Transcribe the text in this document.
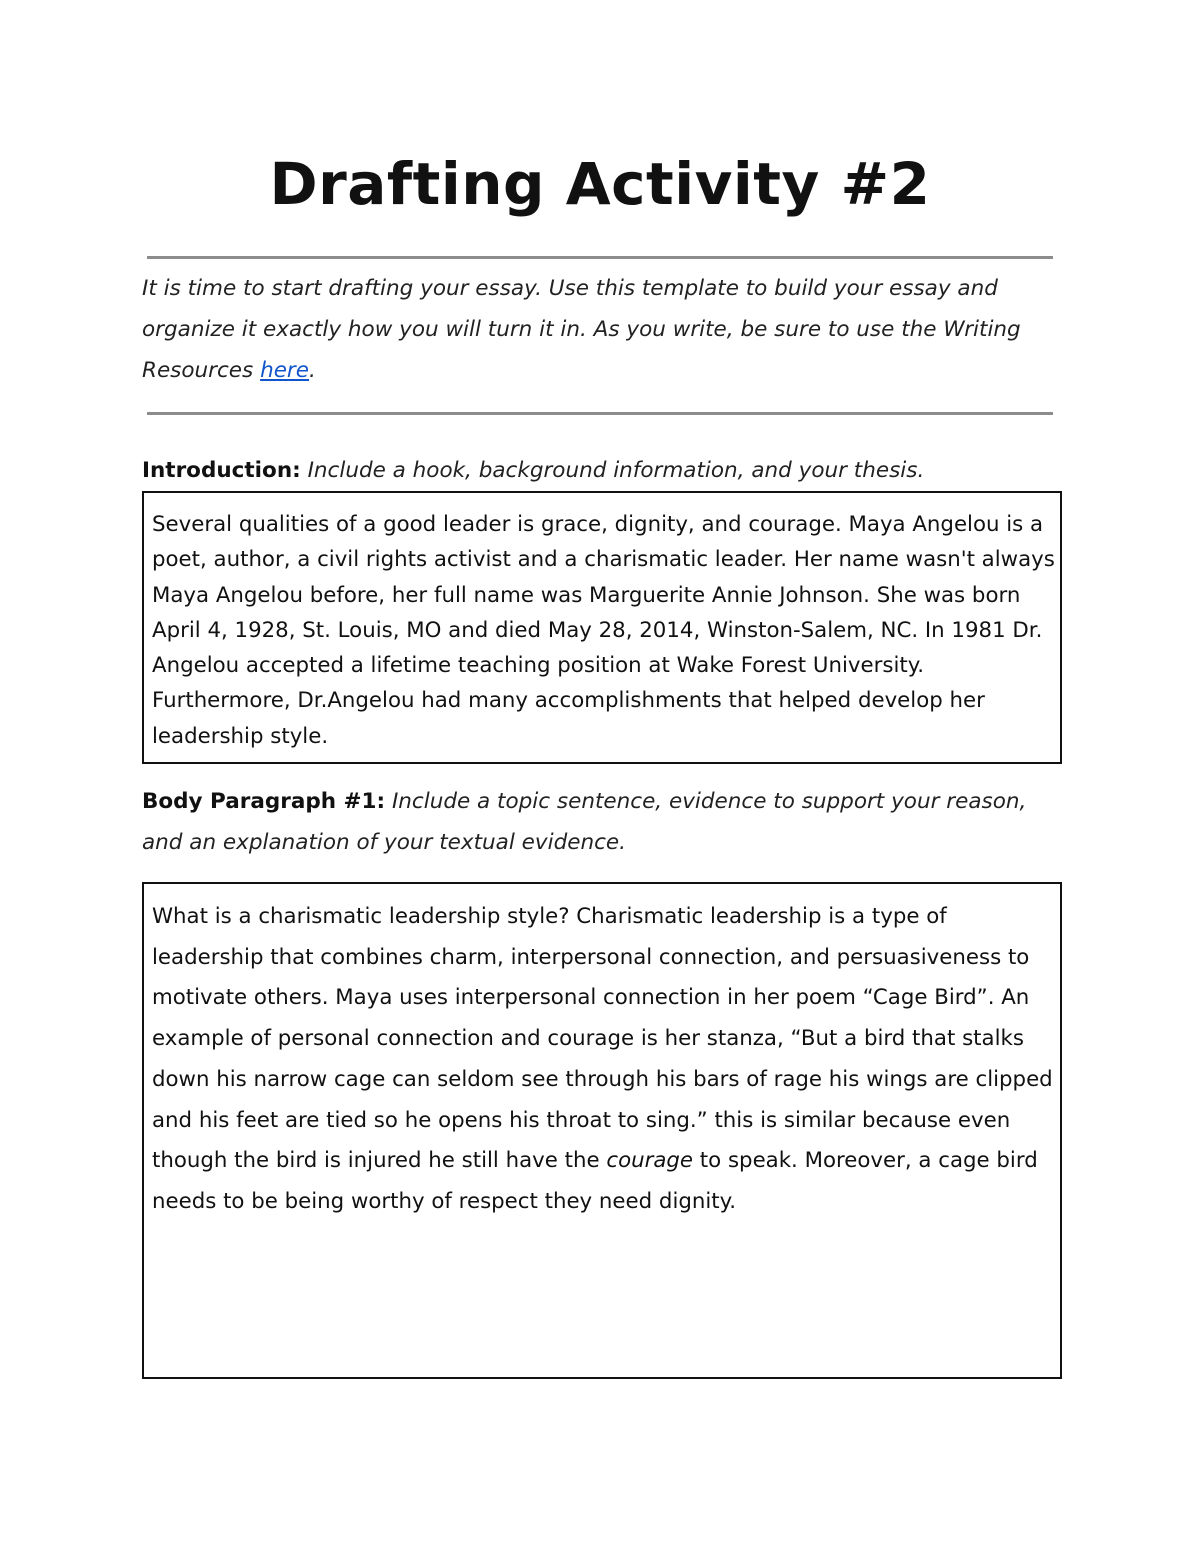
Drafting Activity #2

It is time to start drafting your essay. Use this template to build your essay and organize it exactly how you will turn it in. As you write, be sure to use the Writing Resources here.

Introduction: Include a hook, background information, and your thesis.

Several qualities of a good leader is grace, dignity, and courage. Maya Angelou is a poet, author, a civil rights activist and a charismatic leader. Her name wasn't always Maya Angelou before, her full name was Marguerite Annie Johnson. She was born April 4, 1928, St. Louis, MO and died May 28, 2014, Winston-Salem, NC. In 1981 Dr. Angelou accepted a lifetime teaching position at Wake Forest University. Furthermore, Dr.Angelou had many accomplishments that helped develop her leadership style.

Body Paragraph #1: Include a topic sentence, evidence to support your reason, and an explanation of your textual evidence.

What is a charismatic leadership style? Charismatic leadership is a type of leadership that combines charm, interpersonal connection, and persuasiveness to motivate others. Maya uses interpersonal connection in her poem “Cage Bird”. An example of personal connection and courage is her stanza, “But a bird that stalks down his narrow cage can seldom see through his bars of rage his wings are clipped and his feet are tied so he opens his throat to sing.” this is similar because even though the bird is injured he still have the courage to speak. Moreover, a cage bird needs to be being worthy of respect they need dignity.
